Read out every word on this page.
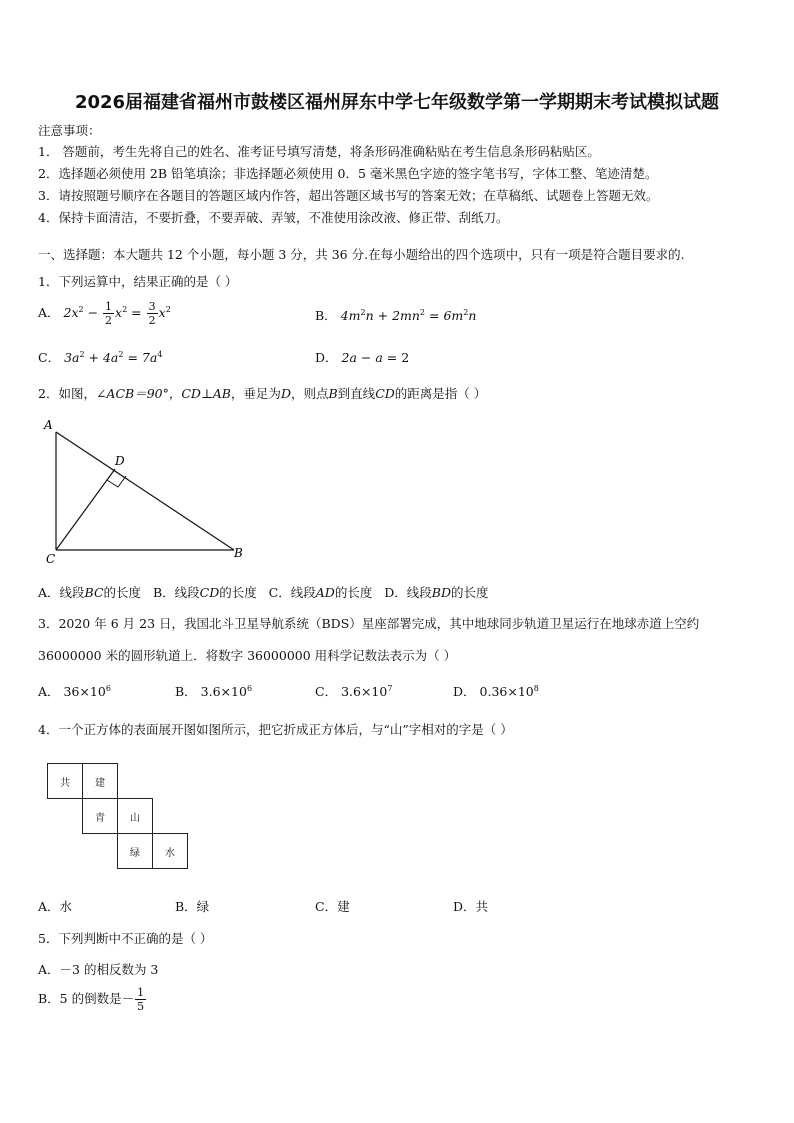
2026届福建省福州市鼓楼区福州屏东中学七年级数学第一学期期末考试模拟试题
注意事项：
1． 答题前，考生先将自己的姓名、准考证号填写清楚，将条形码准确粘贴在考生信息条形码粘贴区。
2．选择题必须使用 2B 铅笔填涂；非选择题必须使用 0．5 毫米黑色字迹的签字笔书写，字体工整、笔迹清楚。
3．请按照题号顺序在各题目的答题区域内作答，超出答题区域书写的答案无效；在草稿纸、试题卷上答题无效。
4．保持卡面清洁，不要折叠，不要弄破、弄皱，不准使用涂改液、修正带、刮纸刀。
一、选择题：本大题共 12 个小题，每小题 3 分，共 36 分.在每小题给出的四个选项中，只有一项是符合题目要求的.
1．下列运算中，结果正确的是（ ）
A． $2x^2 - \frac{1}{2} x^2 = \frac{3}{2} x^2$	B． $4m^2n + 2mn^2 = 6m^2n$
C． $3a^2 + 4a^2 = 7a^4$	D． 2a − a = 2
2．如图，∠ACB＝90°，CD⊥AB，垂足为D，则点B到直线CD的距离是指（ ）
A
D
C	B
A．线段BC的长度 B．线段CD的长度 C．线段AD的长度 D．线段BD的长度
3．2020 年 6 月 23 日，我国北斗卫星导航系统（BDS）星座部署完成，其中地球同步轨道卫星运行在地球赤道上空约
36000000 米的圆形轨道上．将数字 36000000 用科学记数法表示为（ ）
A． $36\times 10^6$	B． $3.6\times 10^6$	C． $3.6\times 10^7$	D． $0.36\times 10^8$
4．一个正方体的表面展开图如图所示，把它折成正方体后，与“山”字相对的字是（ ）
共	建
青	山
绿	水
A．水	B．绿	C．建	D．共
5．下列判断中不正确的是（ ）
A．－3 的相反数为 3
B．5 的倒数是－ $\frac{1}{5}$
